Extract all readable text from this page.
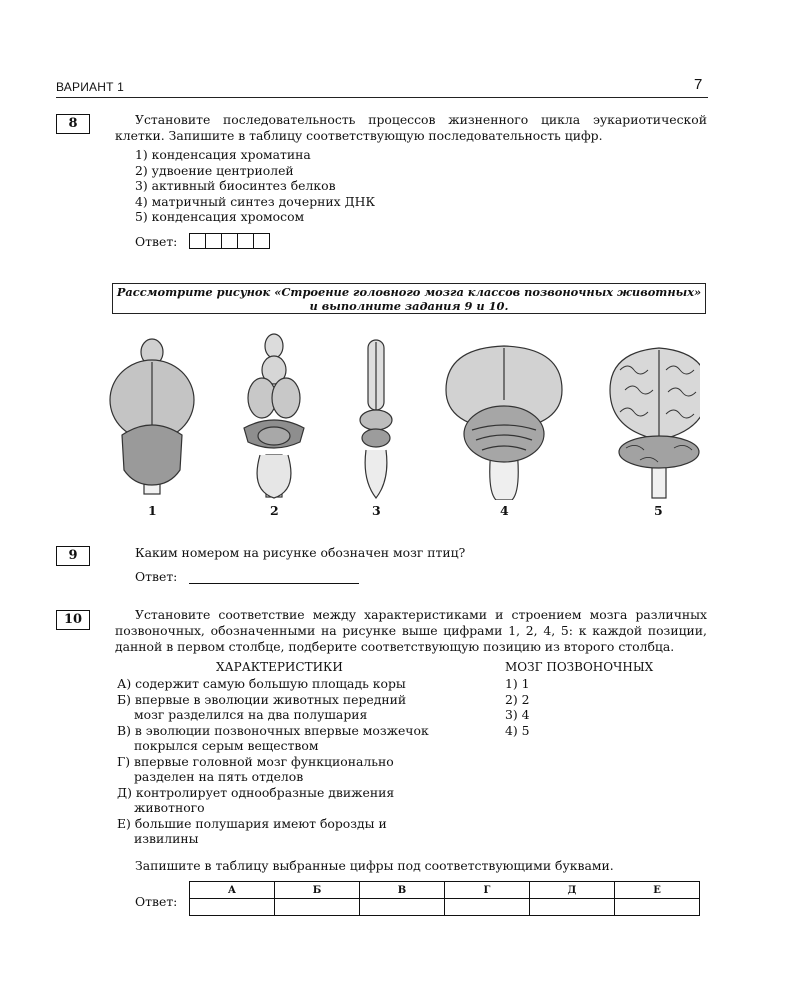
ВАРИАНТ 1	7
8	Установите последовательность процессов жизненного цикла эукариотической клетки. Запишите в таблицу соответствующую последовательность цифр.
1) конденсация хроматина
2) удвоение центриолей
3) активный биосинтез белков
4) матричный синтез дочерних ДНК
5) конденсация хромосом
Ответ:
Рассмотрите рисунок «Строение головного мозга классов позвоночных животных»
и выполните задания 9 и 10.
1	2	3	4	5
9	Каким номером на рисунке обозначен мозг птиц?
Ответ:
10	Установите соответствие между характеристиками и строением мозга различных позвоночных, обозначенными на рисунке выше цифрами 1, 2, 4, 5: к каждой позиции, данной в первом столбце, подберите соответствующую позицию из второго столбца.
ХАРАКТЕРИСТИКИ	МОЗГ ПОЗВОНОЧНЫХ
А) содержит самую большую площадь коры
Б) впервые в эволюции животных передний
мозг разделился на два полушария
В) в эволюции позвоночных впервые мозжечок
покрылся серым веществом
Г) впервые головной мозг функционально
разделен на пять отделов
Д) контролирует однообразные движения
животного
Е) большие полушария имеют борозды и
извилины
1) 1
2) 2
3) 4
4) 5
Запишите в таблицу выбранные цифры под соответствующими буквами.
Ответ:
А	Б	В	Г	Д	Е
